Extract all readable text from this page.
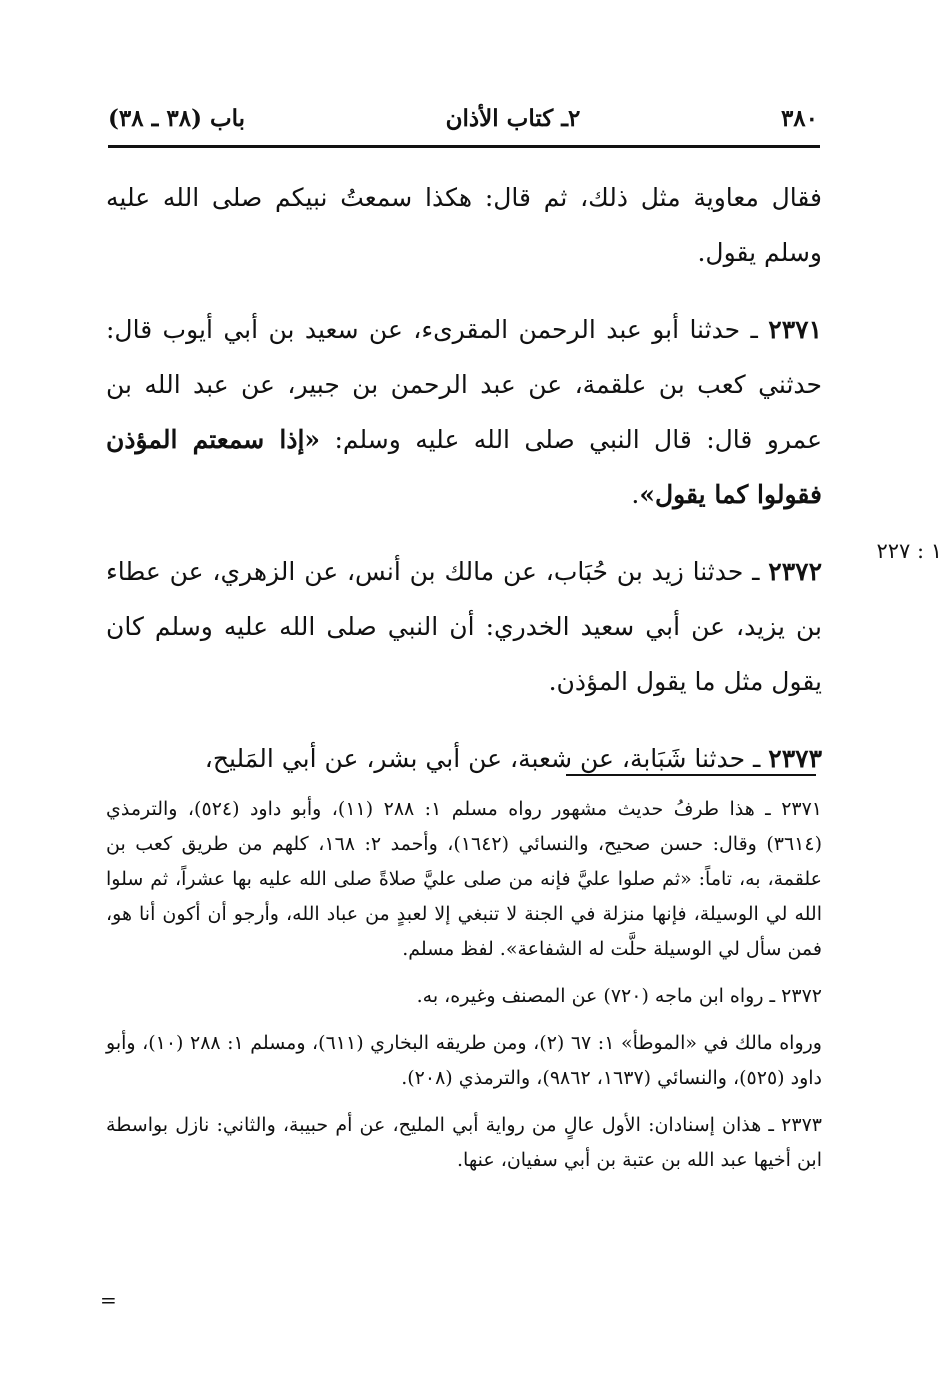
٣٨٠
٢ـ كتاب الأذان
باب (٣٨ ـ ٣٨)

فقال معاوية مثل ذلك، ثم قال: هكذا سمعتُ نبيكم صلى الله عليه وسلم يقول.

٢٣٧١ ـ حدثنا أبو عبد الرحمن المقرىء، عن سعيد بن أبي أيوب قال: حدثني كعب بن علقمة، عن عبد الرحمن بن جبير، عن عبد الله بن عمرو قال: قال النبي صلى الله عليه وسلم: «إذا سمعتم المؤذن فقولوا كما يقول».

٢٣٧٢ ـ حدثنا زيد بن حُبَاب، عن مالك بن أنس، عن الزهري، عن عطاء بن يزيد، عن أبي سعيد الخدري: أن النبي صلى الله عليه وسلم كان يقول مثل ما يقول المؤذن.

٢٣٧٣ ـ حدثنا شَبَابة، عن شعبة، عن أبي بشر، عن أبي المَليح،

١ : ٢٢٧

٢٣٧١ ـ هذا طرفُ حديث مشهور رواه مسلم ١: ٢٨٨ (١١)، وأبو داود (٥٢٤)، والترمذي (٣٦١٤) وقال: حسن صحيح، والنسائي (١٦٤٢)، وأحمد ٢: ١٦٨، كلهم من طريق كعب بن علقمة، به، تاماً: «ثم صلوا عليَّ فإنه من صلى عليَّ صلاةً صلى الله عليه بها عشراً، ثم سلوا الله لي الوسيلة، فإنها منزلة في الجنة لا تنبغي إلا لعبدٍ من عباد الله، وأرجو أن أكون أنا هو، فمن سأل لي الوسيلة حلَّت له الشفاعة». لفظ مسلم.

٢٣٧٢ ـ رواه ابن ماجه (٧٢٠) عن المصنف وغيره، به.

ورواه مالك في «الموطأ» ١: ٦٧ (٢)، ومن طريقه البخاري (٦١١)، ومسلم ١: ٢٨٨ (١٠)، وأبو داود (٥٢٥)، والنسائي (١٦٣٧، ٩٨٦٢)، والترمذي (٢٠٨).

٢٣٧٣ ـ هذان إسنادان: الأول عالٍ من رواية أبي المليح، عن أم حبيبة، والثاني: نازل بواسطة ابن أخيها عبد الله بن عتبة بن أبي سفيان، عنها.

=
